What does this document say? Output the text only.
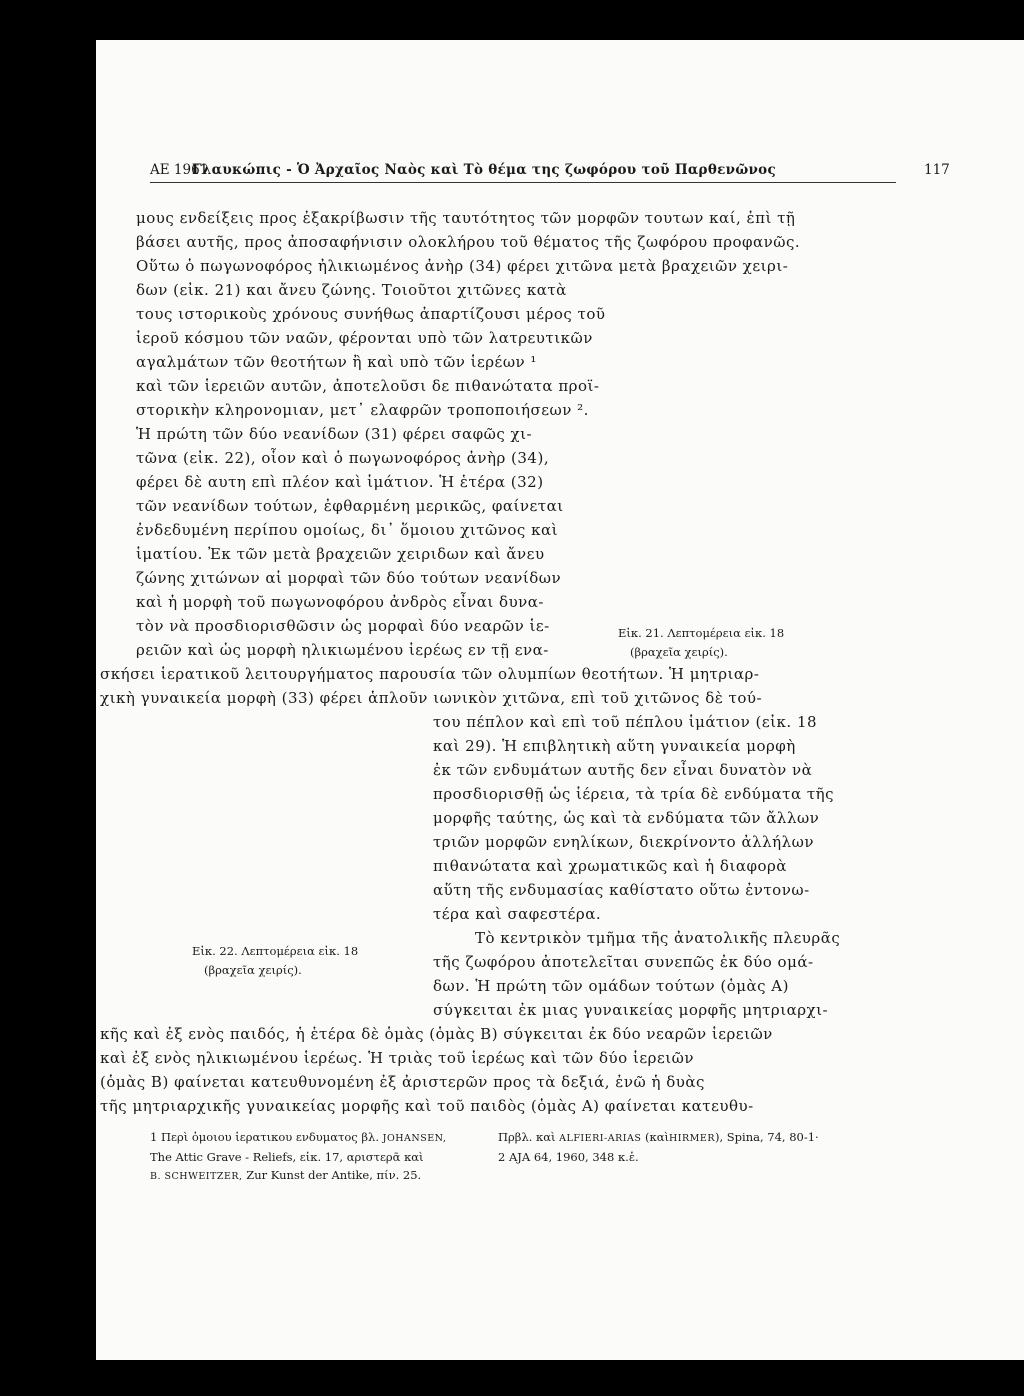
ΑΕ 1961
Γλαυκώπις - Ὁ Ἀρχαῖος Ναὸς καὶ Τὸ θέμα της ζωφόρου τοῦ Παρθενῶνος	117
μους ενδείξεις προς ἐξακρίβωσιν τῆς ταυτότητος τῶν μορφῶν τουτων καί, ἐπὶ τῇ
βάσει αυτῆς, προς ἀποσαφήνισιν ολοκλήρου τοῦ θέματος τῆς ζωφόρου προφανῶς.
Οὕτω ὁ πωγωνοφόρος ἠλικιωμένος ἀνὴρ (34) φέρει χιτῶνα μετὰ βραχειῶν χειρι-
δων (εἰκ. 21) και ἄνευ ζώνης. Τοιοῦτοι χιτῶνες κατὰ
τους ιστορικοὺς χρόνους συνήθως ἀπαρτίζουσι μέρος τοῦ
ἱεροῦ κόσμου τῶν ναῶν, φέρονται υπὸ τῶν λατρευτικῶν
αγαλμάτων τῶν θεοτήτων ἢ καὶ υπὸ τῶν ἱερέων ¹
καὶ τῶν ἱερειῶν αυτῶν, ἀποτελοῦσι δε πιθανώτατα προϊ-
στορικὴν κληρονομιαν, μετ᾿ ελαφρῶν τροποποιήσεων ².
Ἡ πρώτη τῶν δύο νεανίδων (31) φέρει σαφῶς χι-
τῶνα (εἰκ. 22), οἷον καὶ ὁ πωγωνοφόρος ἀνὴρ (34),
φέρει δὲ αυτη επὶ πλέον καὶ ἱμάτιον. Ἡ ἑτέρα (32)
τῶν νεανίδων τούτων, ἐφθαρμένη μερικῶς, φαίνεται
ἐνδεδυμένη περίπου ομοίως, δι᾿ ὅμοιου χιτῶνος καὶ
ἱματίου. Ἐκ τῶν μετὰ βραχειῶν χειριδων καὶ ἄνευ
ζώνης χιτώνων αἱ μορφαὶ τῶν δύο τούτων νεανίδων
καὶ ἡ μορφὴ τοῦ πωγωνοφόρου ἀνδρὸς εἶναι δυνα-
τὸν νὰ προσδιορισθῶσιν ὡς μορφαὶ δύο νεαρῶν ἱε-
ρειῶν καὶ ὡς μορφὴ ηλικιωμένου ἱερέως εν τῇ ενα-
σκήσει ἱερατικοῦ λειτουργήματος παρουσία τῶν ολυμπίων θεοτήτων. Ἡ μητριαρ-
χικὴ γυναικεία μορφὴ (33) φέρει ἁπλοῦν ιωνικὸν χιτῶνα, επὶ τοῦ χιτῶνος δὲ τού-
του πέπλον καὶ επὶ τοῦ πέπλου ἱμάτιον (εἰκ. 18
καὶ 29). Ἡ επιβλητικὴ αὕτη γυναικεία μορφὴ
ἐκ τῶν ενδυμάτων αυτῆς δεν εἶναι δυνατὸν νὰ
προσδιορισθῇ ὡς ἱέρεια, τὰ τρία δὲ ενδύματα τῆς
μορφῆς ταύτης, ὡς καὶ τὰ ενδύματα τῶν ἄλλων
τριῶν μορφῶν ενηλίκων, διεκρίνοντο ἀλλήλων
πιθανώτατα καὶ χρωματικῶς καὶ ἡ διαφορὰ
αὕτη τῆς ενδυμασίας καθίστατο οὕτω ἐντονω-
τέρα καὶ σαφεστέρα.
Τὸ κεντρικὸν τμῆμα τῆς ἀνατολικῆς πλευρᾶς
τῆς ζωφόρου ἀποτελεῖται συνεπῶς ἐκ δύο ομά-
δων. Ἡ πρώτη τῶν ομάδων τούτων (ὁμὰς Α)
σύγκειται ἐκ μιας γυναικείας μορφῆς μητριαρχι-
κῆς καὶ ἐξ ενὸς παιδός, ἡ ἑτέρα δὲ ὁμὰς (ὁμὰς Β) σύγκειται ἐκ δύο νεαρῶν ἱερειῶν
καὶ ἐξ ενὸς ηλικιωμένου ἱερέως. Ἡ τριὰς τοῦ ἱερέως καὶ τῶν δύο ἱερειῶν
(ὁμὰς Β) φαίνεται κατευθυνομένη ἐξ ἀριστερῶν προς τὰ δεξιά, ἐνῶ ἡ δυὰς
τῆς μητριαρχικῆς γυναικείας μορφῆς καὶ τοῦ παιδὸς (ὁμὰς Α) φαίνεται κατευθυ-
Εἰκ. 21. Λεπτομέρεια εἰκ. 18
(βραχεῖα χειρίς).
Εἰκ. 22. Λεπτομέρεια εἰκ. 18
(βραχεῖα χειρίς).
1 Περὶ ὁμοιου ἱερατικου ενδυματος βλ. JOHANSEN,
The Attic Grave - Reliefs, εἰκ. 17, αριστερᾶ καὶ
B. SCHWEITZER, Zur Kunst der Antike, πίν. 25.
Πρβλ. καὶ ALFIERI-ARIAS (καὶHIRMER), Spina, 74, 80-1·
2 AJA 64, 1960, 348 κ.ἑ.
